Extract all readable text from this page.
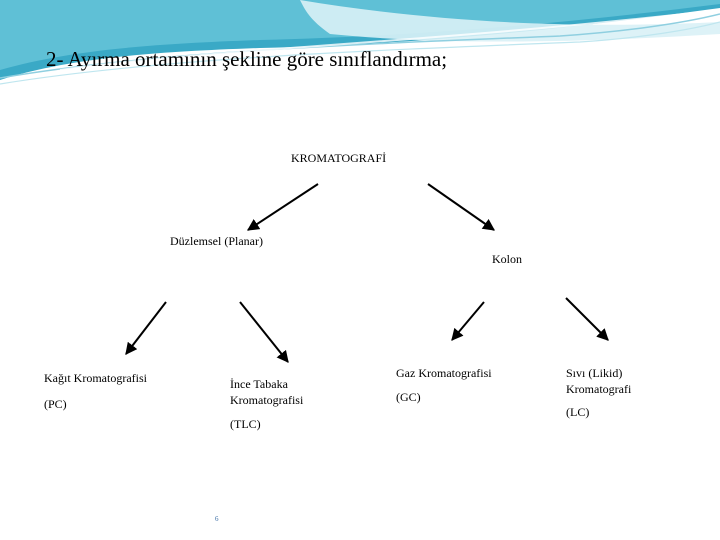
2- Ayırma ortamının şekline göre sınıflandırma;
KROMATOGRAFİ
Düzlemsel (Planar)
Kolon
Kağıt Kromatografisi
(PC)
İnce Tabaka
Kromatografisi
(TLC)
Gaz Kromatografisi
(GC)
Sıvı (Likid)
Kromatografi
(LC)
6
